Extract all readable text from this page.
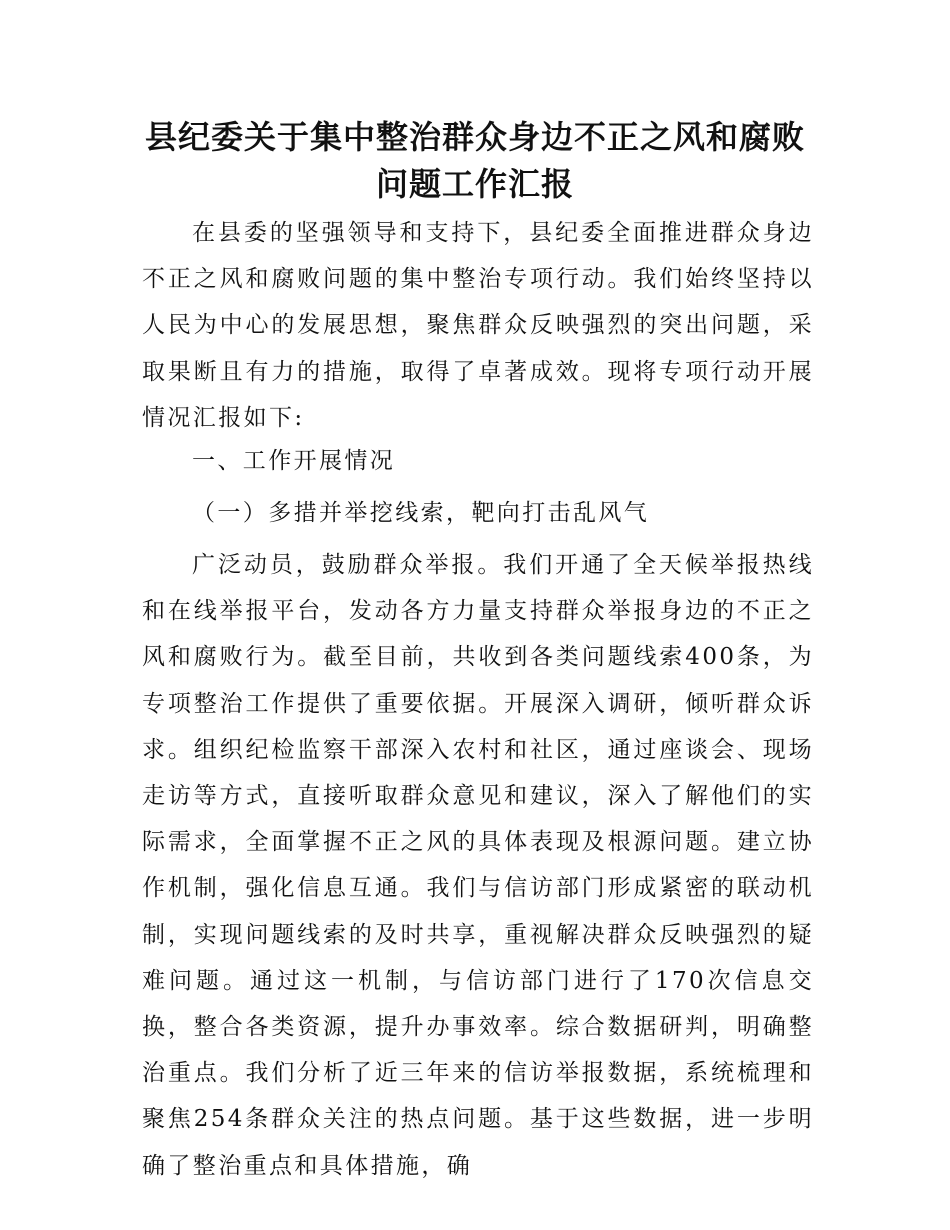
县纪委关于集中整治群众身边不正之风和腐败
问题工作汇报
在县委的坚强领导和支持下，县纪委全面推进群众身边不正之风和腐败问题的集中整治专项行动。我们始终坚持以人民为中心的发展思想，聚焦群众反映强烈的突出问题，采取果断且有力的措施，取得了卓著成效。现将专项行动开展情况汇报如下:
一、工作开展情况
（一）多措并举挖线索，靶向打击乱风气
广泛动员，鼓励群众举报。我们开通了全天候举报热线和在线举报平台，发动各方力量支持群众举报身边的不正之风和腐败行为。截至目前，共收到各类问题线索400条，为专项整治工作提供了重要依据。开展深入调研，倾听群众诉求。组织纪检监察干部深入农村和社区，通过座谈会、现场走访等方式，直接听取群众意见和建议，深入了解他们的实际需求，全面掌握不正之风的具体表现及根源问题。建立协作机制，强化信息互通。我们与信访部门形成紧密的联动机制，实现问题线索的及时共享，重视解决群众反映强烈的疑难问题。通过这一机制，与信访部门进行了170次信息交换，整合各类资源，提升办事效率。综合数据研判，明确整治重点。我们分析了近三年来的信访举报数据，系统梳理和聚焦254条群众关注的热点问题。基于这些数据，进一步明确了整治重点和具体措施，确
